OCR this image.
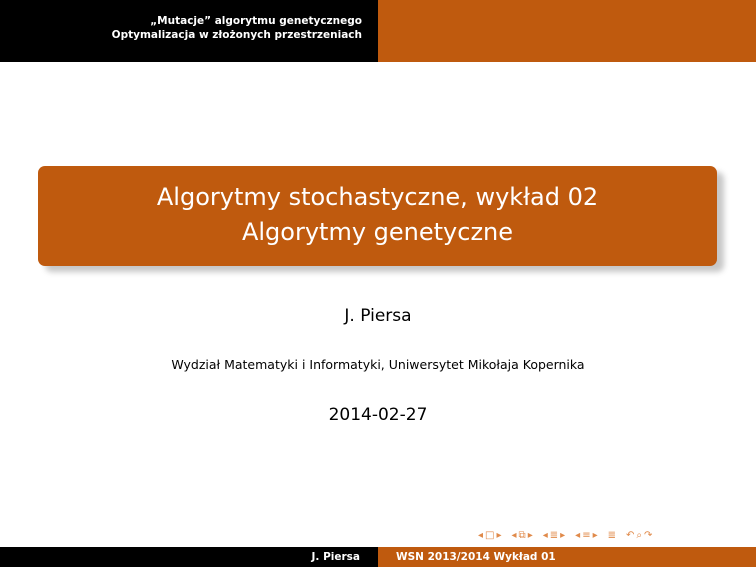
„Mutacje” algorytmu genetycznego
Optymalizacja w złożonych przestrzeniach
Algorytmy stochastyczne, wykład 02
Algorytmy genetyczne
J. Piersa
Wydział Matematyki i Informatyki, Uniwersytet Mikołaja Kopernika
2014-02-27
◂ □ ▸ ◂ ⧉ ▸ ◂ ≣ ▸ ◂ ≡ ▸ ≣ ↶ ⌕ ↷
J. Piersa	WSN 2013/2014 Wykład 01
